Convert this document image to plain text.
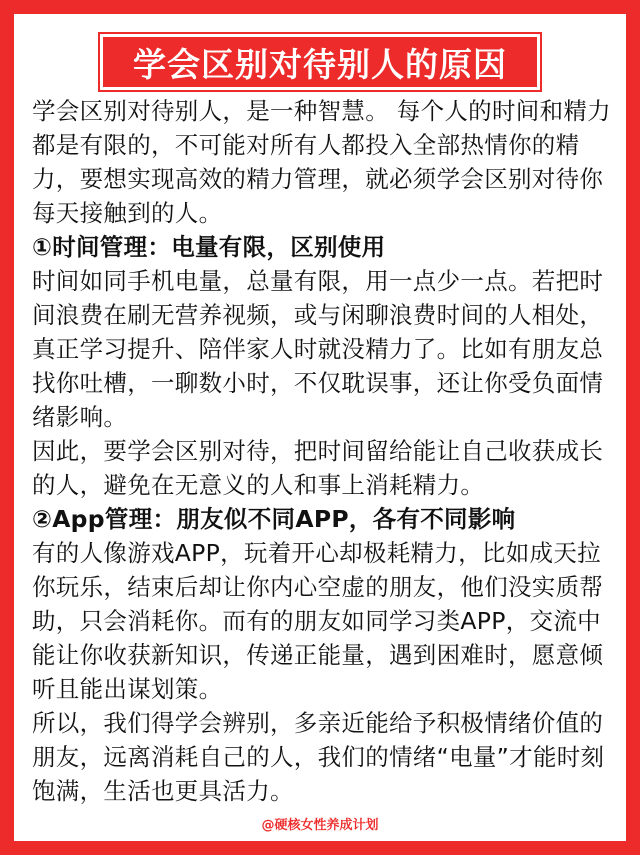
学会区别对待别人的原因

学会区别对待别人，是一种智慧。 每个人的时间和精力都是有限的，不可能对所有人都投入全部热情你的精力，要想实现高效的精力管理，就必须学会区别对待你每天接触到的人。

①时间管理：电量有限，区别使用

时间如同手机电量，总量有限，用一点少一点。若把时间浪费在刷无营养视频，或与闲聊浪费时间的人相处，真正学习提升、陪伴家人时就没精力了。比如有朋友总找你吐槽，一聊数小时，不仅耽误事，还让你受负面情绪影响。

因此，要学会区别对待，把时间留给能让自己收获成长的人，避免在无意义的人和事上消耗精力。

②App管理：朋友似不同APP，各有不同影响

有的人像游戏APP，玩着开心却极耗精力，比如成天拉你玩乐，结束后却让你内心空虚的朋友，他们没实质帮助，只会消耗你。而有的朋友如同学习类APP，交流中能让你收获新知识，传递正能量，遇到困难时，愿意倾听且能出谋划策。

所以，我们得学会辨别，多亲近能给予积极情绪价值的朋友，远离消耗自己的人，我们的情绪“电量”才能时刻饱满，生活也更具活力。

@硬核女性养成计划
